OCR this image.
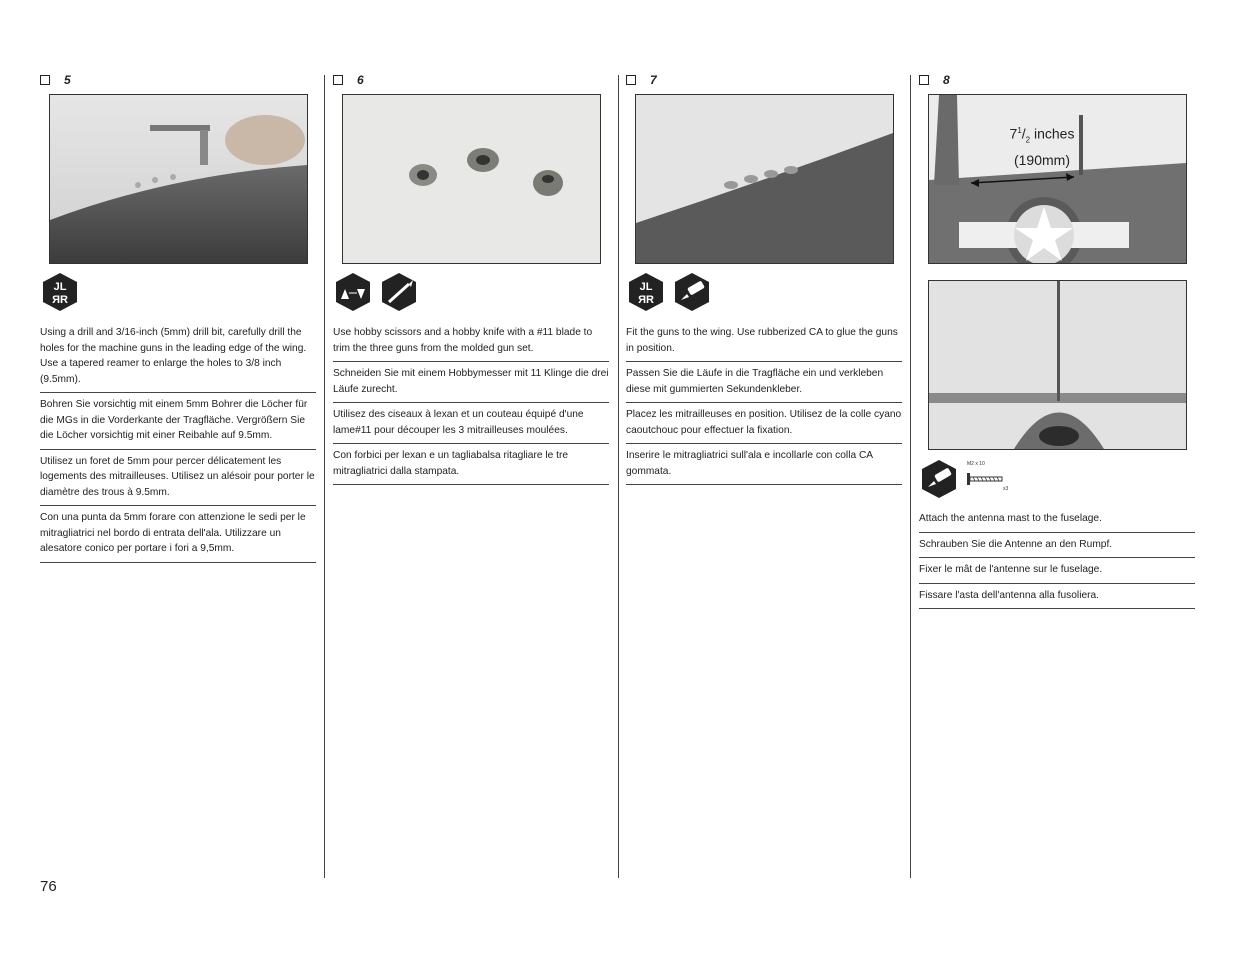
5	6	7	8
$7^1/_2$ inches
(190mm)
JL
ЯR
JL
ЯR
M2 x 10
x3
Using a drill and 3/16-inch (5mm) drill bit, carefully drill the holes for the machine guns in the leading edge of the wing. Use a tapered reamer to enlarge the holes to 3/8 inch (9.5mm).
Bohren Sie vorsichtig mit einem 5mm Bohrer die Löcher für die MGs in die Vorderkante der Tragfläche. Vergrößern Sie die Löcher vorsichtig mit einer Reibahle auf 9.5mm.
Utilisez un foret de 5mm pour percer délicatement les logements des mitrailleuses. Utilisez un alésoir pour porter le diamètre des trous à 9.5mm.
Con una punta da 5mm forare con attenzione le sedi per le mitragliatrici nel bordo di entrata dell'ala. Utilizzare un alesatore conico per portare i fori a 9,5mm.
Use hobby scissors and a hobby knife with a #11 blade to trim the three guns from the molded gun set.
Schneiden Sie mit einem Hobbymesser mit 11 Klinge die drei Läufe zurecht.
Utilisez des ciseaux à lexan et un couteau équipé d'une lame#11 pour découper les 3 mitrailleuses moulées.
Con forbici per lexan e un tagliabalsa ritagliare le tre mitragliatrici dalla stampata.
Fit the guns to the wing. Use rubberized CA to glue the guns in position.
Passen Sie die Läufe in die Tragfläche ein und verkleben diese mit gummierten Sekundenkleber.
Placez les mitrailleuses en position. Utilisez de la colle cyano caoutchouc pour effectuer la fixation.
Inserire le mitragliatrici sull'ala e incollarle con colla CA gommata.
Attach the antenna mast to the fuselage.
Schrauben Sie die Antenne an den Rumpf.
Fixer le mât de l'antenne sur le fuselage.
Fissare l'asta dell'antenna alla fusoliera.
76
